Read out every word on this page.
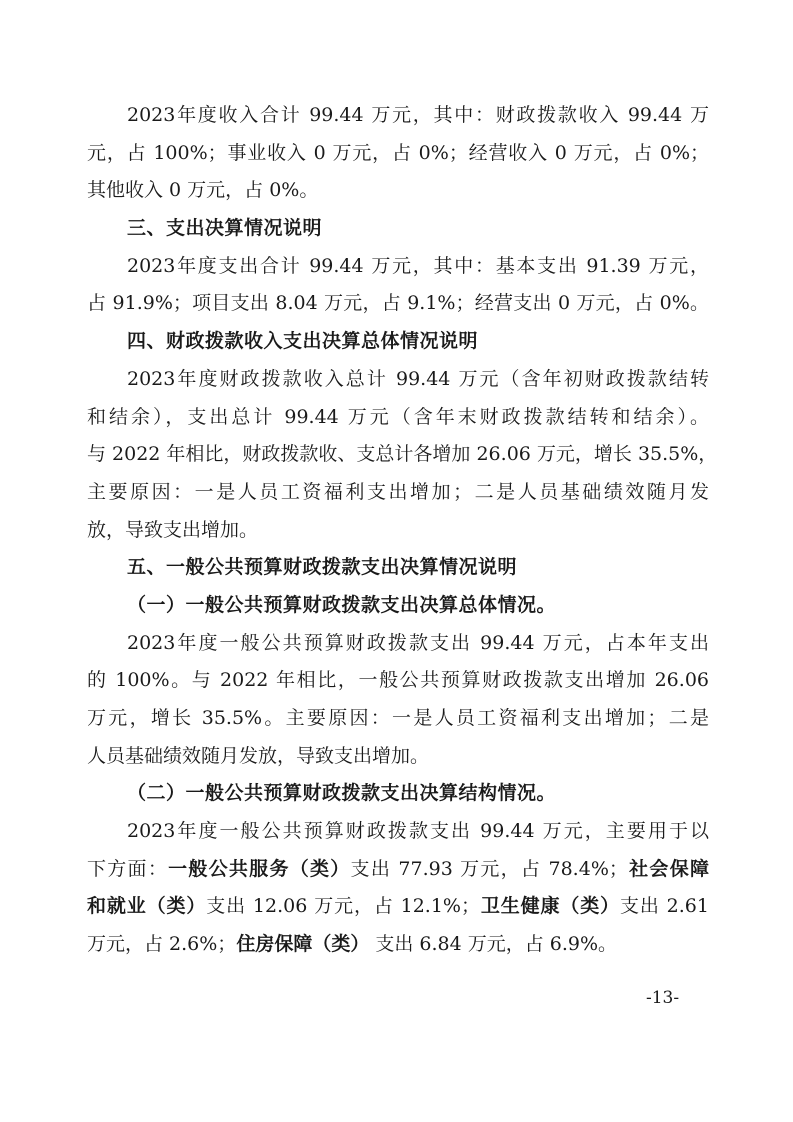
2023年度收入合计 99.44 万元，其中：财政拨款收入 99.44 万
元，占 100%；事业收入 0 万元，占 0%；经营收入 0 万元，占 0%；
其他收入 0 万元，占 0%。
三、支出决算情况说明
2023年度支出合计 99.44 万元，其中：基本支出 91.39 万元，
占 91.9%；项目支出 8.04 万元，占 9.1%；经营支出 0 万元，占 0%。
四、财政拨款收入支出决算总体情况说明
2023年度财政拨款收入总计 99.44 万元（含年初财政拨款结转
和结余），支出总计 99.44 万元（含年末财政拨款结转和结余）。
与 2022 年相比，财政拨款收、支总计各增加 26.06 万元，增长 35.5%，
主要原因：一是人员工资福利支出增加；二是人员基础绩效随月发
放，导致支出增加。
五、一般公共预算财政拨款支出决算情况说明
（一）一般公共预算财政拨款支出决算总体情况。
2023年度一般公共预算财政拨款支出 99.44 万元，占本年支出
的 100%。与 2022 年相比，一般公共预算财政拨款支出增加 26.06
万元，增长 35.5%。主要原因：一是人员工资福利支出增加；二是
人员基础绩效随月发放，导致支出增加。
（二）一般公共预算财政拨款支出决算结构情况。
2023年度一般公共预算财政拨款支出 99.44 万元，主要用于以
下方面：一般公共服务（类）支出 77.93 万元，占 78.4%；社会保障
和就业（类）支出 12.06 万元，占 12.1%；卫生健康（类）支出 2.61
万元，占 2.6%；住房保障（类） 支出 6.84 万元，占 6.9%。
-13-
